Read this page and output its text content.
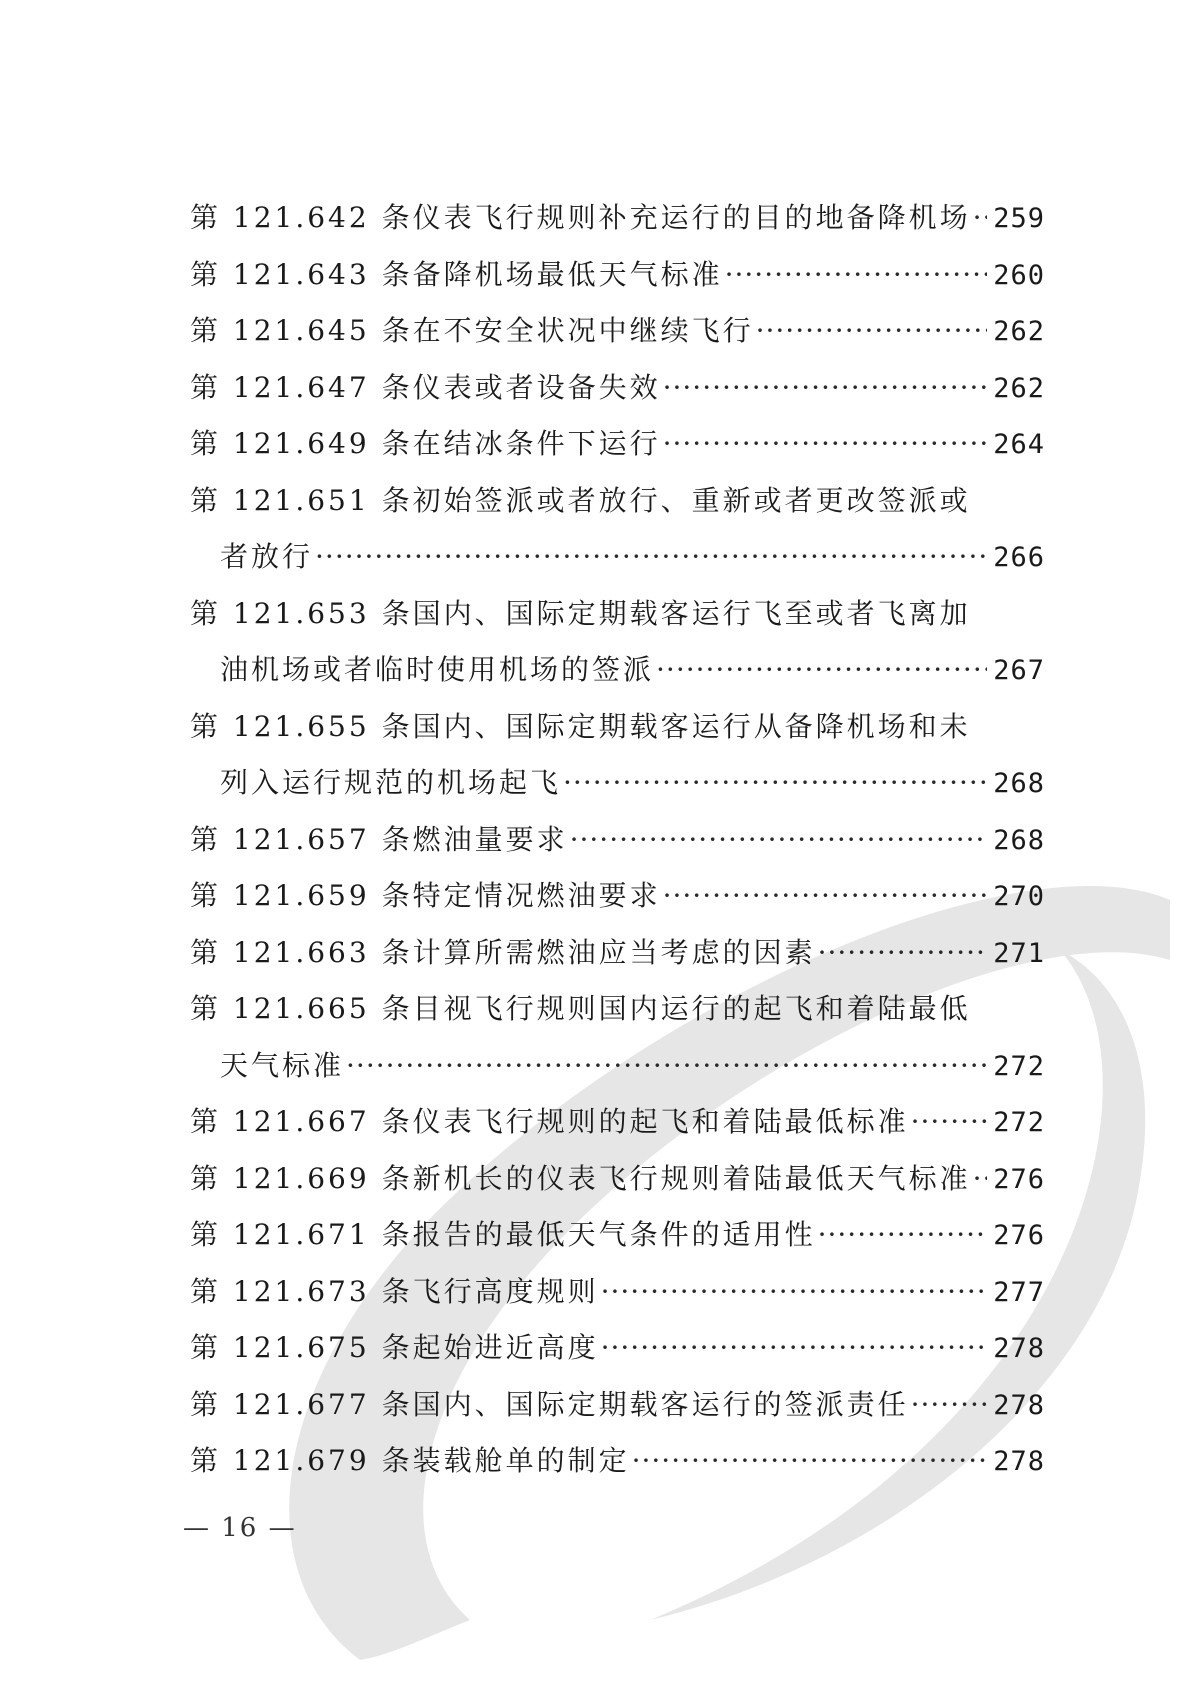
第 121.642 条仪表飞行规则补充运行的目的地备降机场 ····· 259
第 121.643 条备降机场最低天气标准 ·····	260
第 121.645 条在不安全状况中继续飞行 ·····	262
第 121.647 条仪表或者设备失效 ·····	262
第 121.649 条在结冰条件下运行 ·····	264
第 121.651 条初始签派或者放行、重新或者更改签派或
者放行 ·····	266
第 121.653 条国内、国际定期载客运行飞至或者飞离加
油机场或者临时使用机场的签派 ·····	267
第 121.655 条国内、国际定期载客运行从备降机场和未
列入运行规范的机场起飞 ·····	268
第 121.657 条燃油量要求 ·····	268
第 121.659 条特定情况燃油要求 ·····	270
第 121.663 条计算所需燃油应当考虑的因素 ·····	271
第 121.665 条目视飞行规则国内运行的起飞和着陆最低
天气标准 ·····	272
第 121.667 条仪表飞行规则的起飞和着陆最低标准 ·····	272
第 121.669 条新机长的仪表飞行规则着陆最低天气标准 ····· 276
第 121.671 条报告的最低天气条件的适用性 ·····	276
第 121.673 条飞行高度规则 ·····	277
第 121.675 条起始进近高度 ·····	278
第 121.677 条国内、国际定期载客运行的签派责任 ·····	278
第 121.679 条装载舱单的制定 ·····	278
— 16 —
